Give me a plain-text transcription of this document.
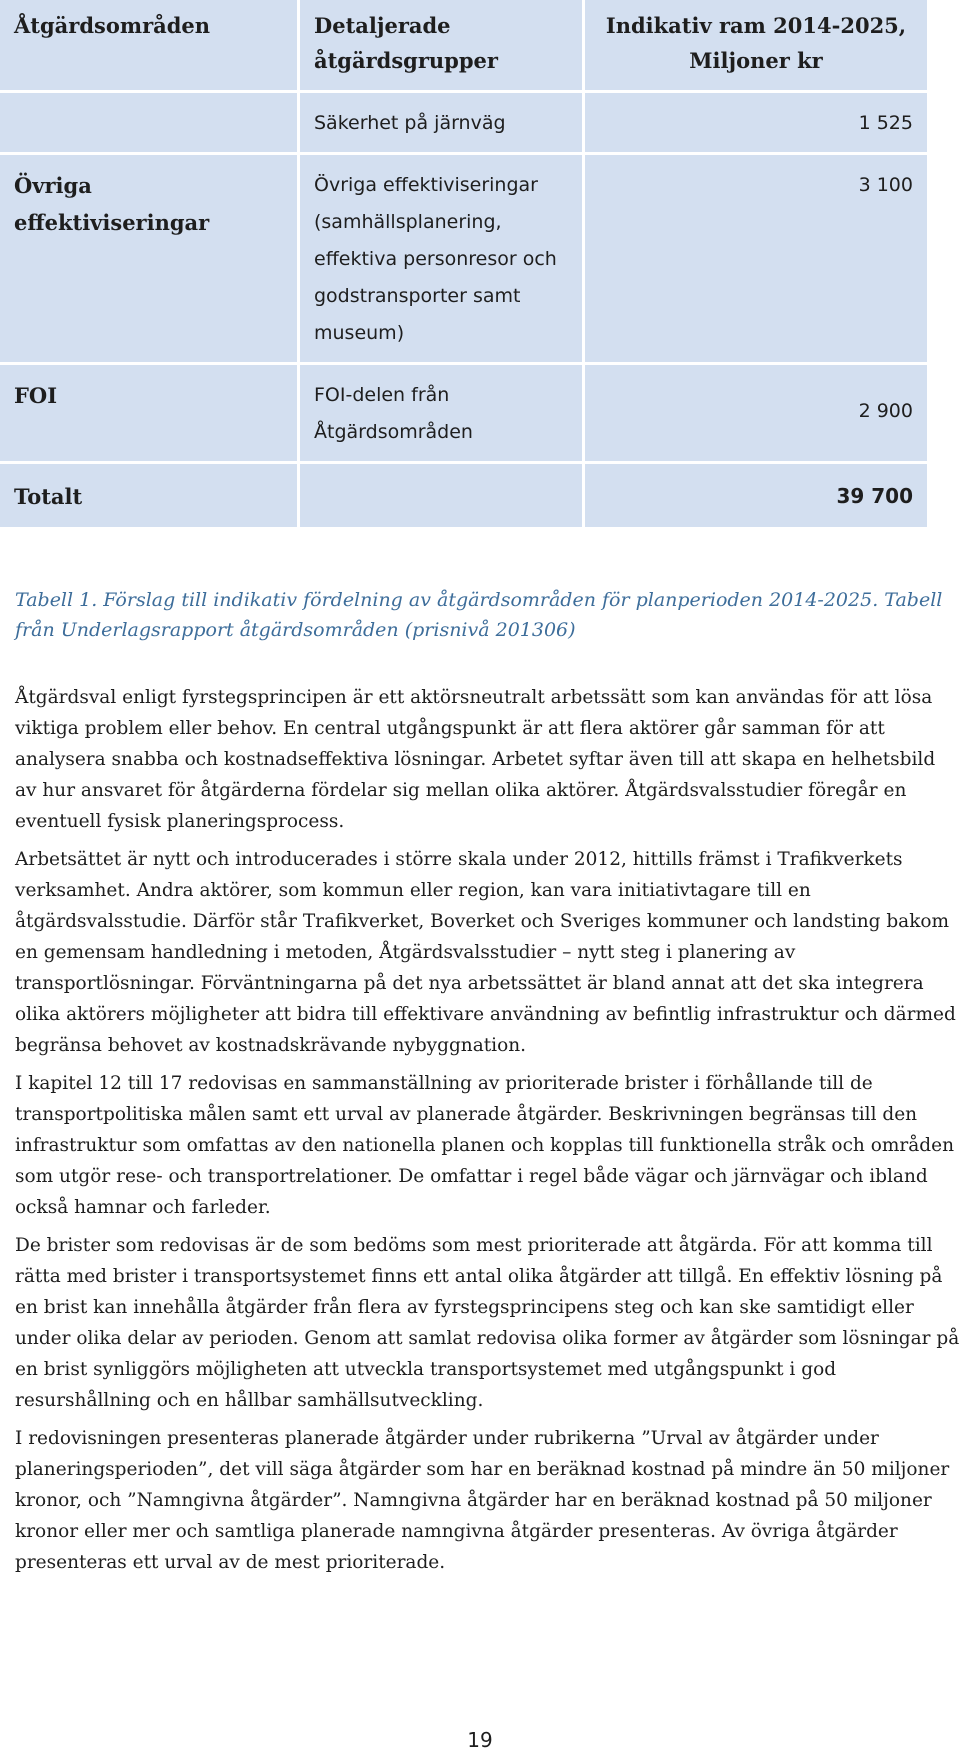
Åtgärdsområden	Detaljerade åtgärdsgrupper	Indikativ ram 2014-2025, Miljoner kr
	Säkerhet på järnväg	1 525
Övriga effektiviseringar	Övriga effektiviseringar (samhällsplanering, effektiva personresor och godstransporter samt museum)	3 100
FOI	FOI-delen från Åtgärdsområden	2 900
Totalt		39 700

Tabell 1. Förslag till indikativ fördelning av åtgärdsområden för planperioden 2014-2025. Tabell från Underlagsrapport åtgärdsområden (prisnivå 201306)

Åtgärdsval enligt fyrstegsprincipen är ett aktörsneutralt arbetssätt som kan användas för att lösa viktiga problem eller behov. En central utgångspunkt är att flera aktörer går samman för att analysera snabba och kostnadseffektiva lösningar. Arbetet syftar även till att skapa en helhetsbild av hur ansvaret för åtgärderna fördelar sig mellan olika aktörer. Åtgärdsvalsstudier föregår en eventuell fysisk planeringsprocess.

Arbetsättet är nytt och introducerades i större skala under 2012, hittills främst i Trafikverkets verksamhet. Andra aktörer, som kommun eller region, kan vara initiativtagare till en åtgärdsvalsstudie. Därför står Trafikverket, Boverket och Sveriges kommuner och landsting bakom en gemensam handledning i metoden, Åtgärdsvalsstudier – nytt steg i planering av transportlösningar. Förväntningarna på det nya arbetssättet är bland annat att det ska integrera olika aktörers möjligheter att bidra till effektivare användning av befintlig infrastruktur och därmed begränsa behovet av kostnadskrävande nybyggnation.

I kapitel 12 till 17 redovisas en sammanställning av prioriterade brister i förhållande till de transportpolitiska målen samt ett urval av planerade åtgärder. Beskrivningen begränsas till den infrastruktur som omfattas av den nationella planen och kopplas till funktionella stråk och områden som utgör rese- och transportrelationer. De omfattar i regel både vägar och järnvägar och ibland också hamnar och farleder.

De brister som redovisas är de som bedöms som mest prioriterade att åtgärda. För att komma till rätta med brister i transportsystemet finns ett antal olika åtgärder att tillgå. En effektiv lösning på en brist kan innehålla åtgärder från flera av fyrstegsprincipens steg och kan ske samtidigt eller under olika delar av perioden. Genom att samlat redovisa olika former av åtgärder som lösningar på en brist synliggörs möjligheten att utveckla transportsystemet med utgångspunkt i god resurshållning och en hållbar samhällsutveckling.

I redovisningen presenteras planerade åtgärder under rubrikerna ”Urval av åtgärder under planeringsperioden”, det vill säga åtgärder som har en beräknad kostnad på mindre än 50 miljoner kronor, och ”Namngivna åtgärder”. Namngivna åtgärder har en beräknad kostnad på 50 miljoner kronor eller mer och samtliga planerade namngivna åtgärder presenteras. Av övriga åtgärder presenteras ett urval av de mest prioriterade.

19
